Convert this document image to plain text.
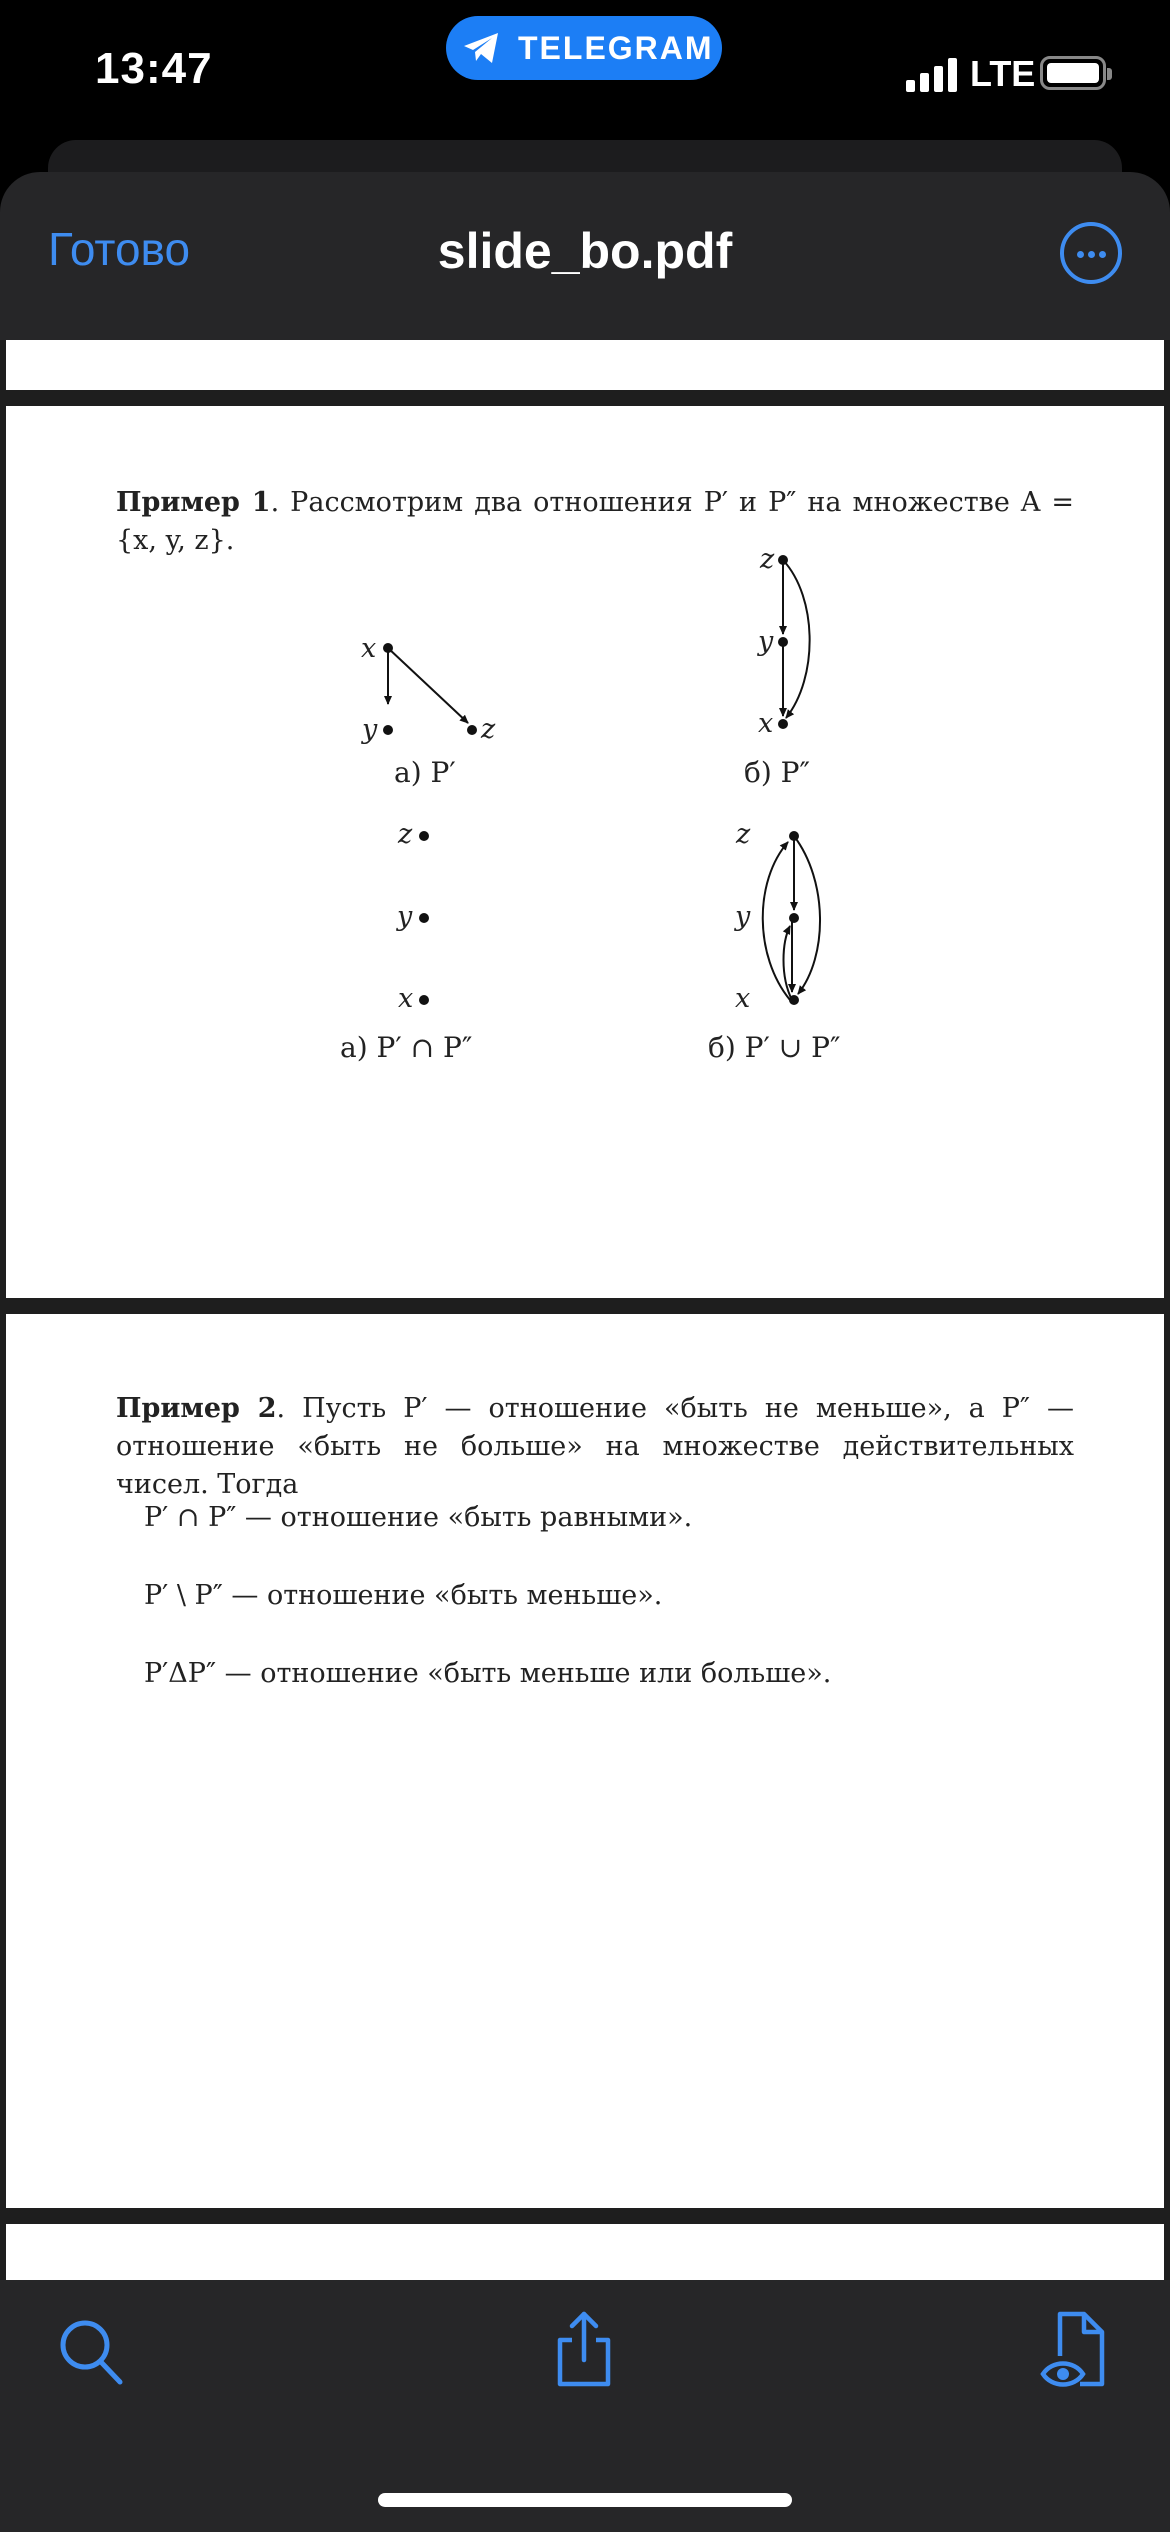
13:47	TELEGRAM
LTE
Готово	slide_bo.pdf
Пример 1. Рассмотрим два отношения P′ и P″ на множестве A = {x, y, z}.
x
y	z
а) P′
z
y
x
б) P″
z
y
x
а) P′ ∩ P″
z
y
x
б) P′ ∪ P″
Пример 2. Пусть P′ — отношение «быть не меньше», а P″ — отношение «быть не больше» на множестве действительных чисел. Тогда
P′ ∩ P″ — отношение «быть равными».
P′ \ P″ — отношение «быть меньше».
P′ΔP″ — отношение «быть меньше или больше».
